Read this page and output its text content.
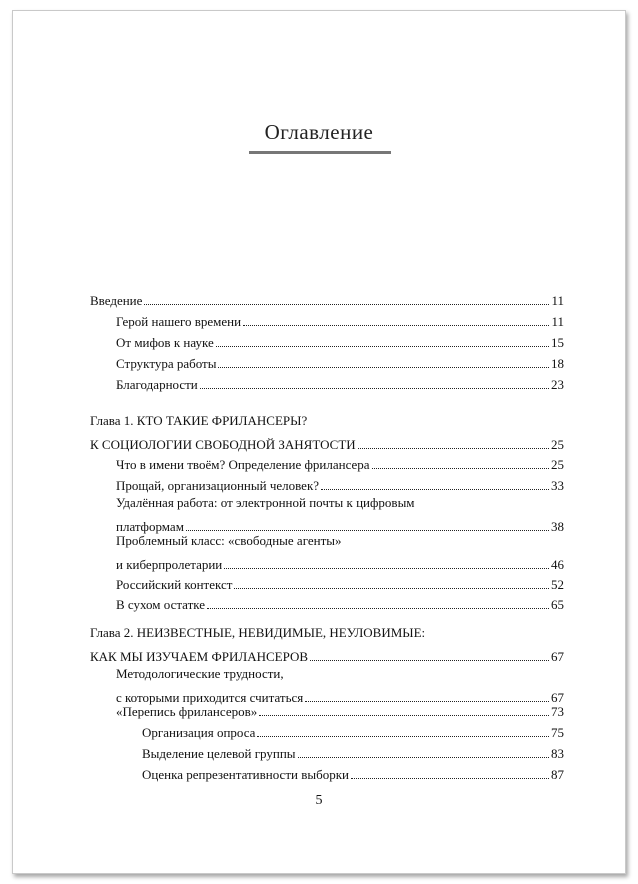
Оглавление
Введение	11
Герой нашего времени	11
От мифов к науке	15
Структура работы	18
Благодарности	23
Глава 1. КТО ТАКИЕ ФРИЛАНСЕРЫ?
К СОЦИОЛОГИИ СВОБОДНОЙ ЗАНЯТОСТИ	25
Что в имени твоём? Определение фрилансера	25
Прощай, организационный человек?	33
Удалённая работа: от электронной почты к цифровым
платформам	38
Проблемный класс: «свободные агенты»
и киберпролетарии	46
Российский контекст	52
В сухом остатке	65
Глава 2. НЕИЗВЕСТНЫЕ, НЕВИДИМЫЕ, НЕУЛОВИМЫЕ:
КАК МЫ ИЗУЧАЕМ ФРИЛАНСЕРОВ	67
Методологические трудности,
с которыми приходится считаться	67
«Перепись фрилансеров»	73
Организация опроса	75
Выделение целевой группы	83
Оценка репрезентативности выборки	87
5
